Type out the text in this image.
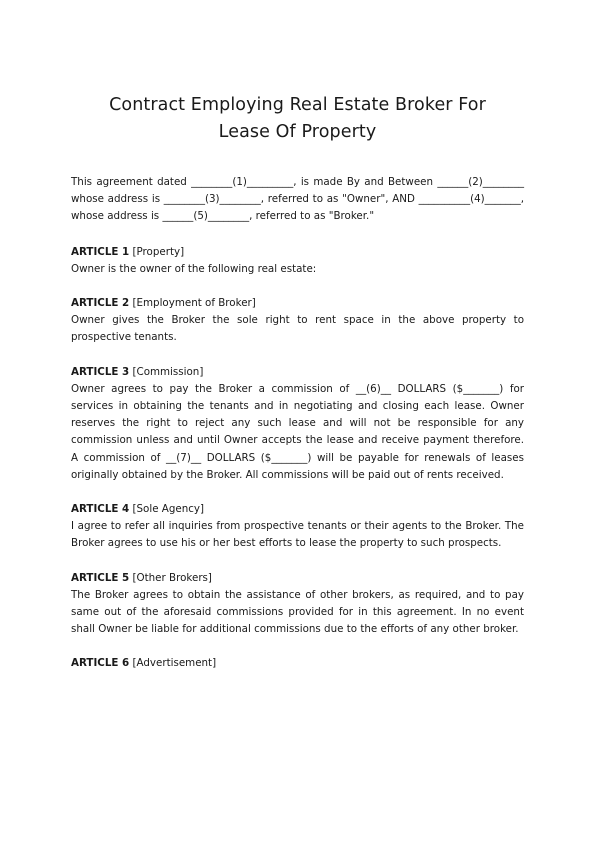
Contract Employing Real Estate Broker For
Lease Of Property

This agreement dated ________(1)_________, is made By and Between ______(2)________ whose address is ________(3)________, referred to as "Owner", AND __________(4)_______, whose address is ______(5)________, referred to as "Broker."

ARTICLE 1 [Property]

Owner is the owner of the following real estate:

ARTICLE 2 [Employment of Broker]

Owner gives the Broker the sole right to rent space in the above property to prospective tenants.

ARTICLE 3 [Commission]

Owner agrees to pay the Broker a commission of __(6)__ DOLLARS ($_______) for services in obtaining the tenants and in negotiating and closing each lease. Owner reserves the right to reject any such lease and will not be responsible for any commission unless and until Owner accepts the lease and receive payment therefore. A commission of __(7)__ DOLLARS ($_______) will be payable for renewals of leases originally obtained by the Broker. All commissions will be paid out of rents received.

ARTICLE 4 [Sole Agency]

I agree to refer all inquiries from prospective tenants or their agents to the Broker. The Broker agrees to use his or her best efforts to lease the property to such prospects.

ARTICLE 5 [Other Brokers]

The Broker agrees to obtain the assistance of other brokers, as required, and to pay same out of the aforesaid commissions provided for in this agreement. In no event shall Owner be liable for additional commissions due to the efforts of any other broker.

ARTICLE 6 [Advertisement]
